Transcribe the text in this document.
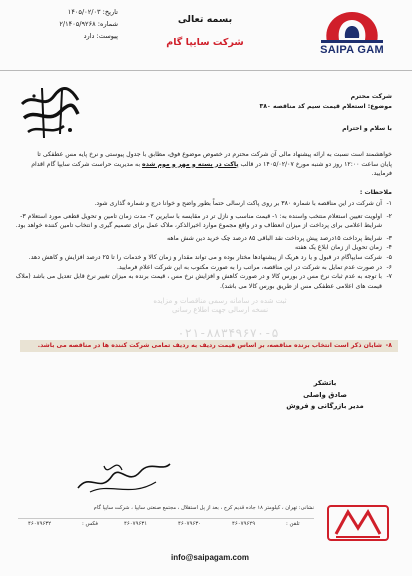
SAIPA GAM
بسمه تعالی
شرکت سایپا گام
تاریخ: ۱۴۰۵/۰۲/۰۳
شماره: ۲/۱۴۰۵/۹۲۶۸
پیوست: دارد
شرکت محترم
موضوع: استعلام قیمت سیم کد مناقصه ۳۸۰
با سلام و احترام
خواهشمند است نسبت به ارائه پیشنهاد مالی آن شرکت محترم در خصوص موضوع فوق، مطابق با جدول پیوستی و نرخ پایه مس عطفکی تا
پایان ساعت ۱۲:۰۰ روز دو شنبه مورخ ۱۴۰۵/۰۲/۰۷ در قالب پاکت در بسته و مهر و موم شده به مدیریت حراست شرکت سایپا گام اقدام
فرمایید.
ملاحظات :
۱-
آن شرکت در این مناقصه با شماره ۳۸۰ بر روی پاکت ارسالی حتماً بطور واضح و خوانا درج و شماره گذاری شود.
۲-
اولویت تعیین استعلام منتخب واسنده به: ۱- قیمت مناسب و نازل تر در مقایسه با سایرین ۲- مدت زمان تامین و تحویل قطعی مورد استعلام ۳- شرایط اعلامی برای پرداخت از میزان انعطاف و در واقع مجموع موارد اخیرالذکر، ملاک عمل برای تصمیم گیری و انتخاب تامین کننده خواهد بود.
۳-
شرایط پرداخت ۱۵درصد پیش پرداخت نقد الباقی ۸۵ درصد چک خرید دین شش ماهه
۴-
زمان تحویل از زمان ابلاغ یک هفته
۵-
شرکت سایپاگام در قبول و یا رد هریک از پیشنهادها مختار بوده و می تواند مقدار و زمان کالا و خدمات را تا ۲۵ درصد افزایش و کاهش دهد.
۶-
در صورت عدم تمایل به شرکت در این مناقصه، مراتب را به صورت مکتوب به این شرکت اعلام فرمایید.
۷-
با توجه به عدم ثبات نرخ مس در بورس کالا و در صورت کاهش و افزایش نرخ مس ، قیمت برنده به میزان تغییر نرخ قابل تعدیل می باشد (ملاک قیمت های اعلامی عطفکی مس از طریق بورس کالا می باشد).
ثبت شده در سامانه رسمی مناقصات و مزایده
نسخه ارسالی جهت اطلاع رسانی
۰۲۱-۸۸۳۴۹۶۷۰-۵
۸-
شایان ذکر است انتخاب برنده مناقصه، بر اساس قیمت ردیف به ردیف تمامی شرکت کننده ها در مناقصه می باشد.
باتشکر
صادق واصلی
مدیر بازرگانی و فروش
نشانی: تهران ، کیلومتر ۱۸ جاده قدیم کرج ، بعد از پل استقلال ، مجتمع صنعتی سایپا ، شرکت سایپا گام
تلفن :
۴۶۰۷۹۶۲۹
۴۶۰۷۹۶۳۰
۴۶۰۷۹۶۳۱
فکس :
۴۶۰۷۹۶۳۲
info@saipagam.com
